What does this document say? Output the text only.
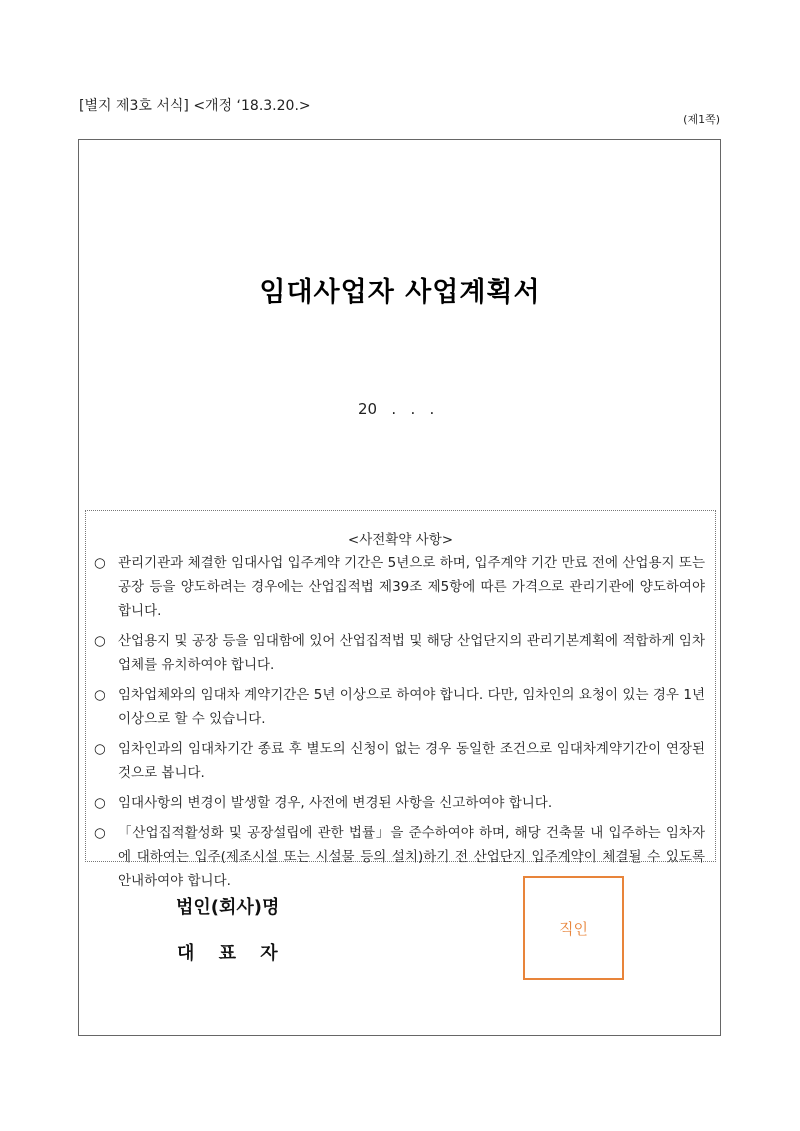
[별지 제3호 서식] <개정 ‘18.3.20.>
(제1쪽)
임대사업자 사업계획서
20   .   .   .
<사전확약 사항>
○ 관리기관과 체결한 임대사업 입주계약 기간은 5년으로 하며, 입주계약 기간 만료 전에 산업용지 또는 공장 등을 양도하려는 경우에는 산업집적법 제39조 제5항에 따른 가격으로 관리기관에 양도하여야 합니다.
○ 산업용지 및 공장 등을 임대함에 있어 산업집적법 및 해당 산업단지의 관리기본계획에 적합하게 임차업체를 유치하여야 합니다.
○ 임차업체와의 임대차 계약기간은 5년 이상으로 하여야 합니다. 다만, 임차인의 요청이 있는 경우 1년 이상으로 할 수 있습니다.
○ 임차인과의 임대차기간 종료 후 별도의 신청이 없는 경우 동일한 조건으로 임대차계약기간이 연장된 것으로 봅니다.
○ 임대사항의 변경이 발생할 경우, 사전에 변경된 사항을 신고하여야 합니다.
○ 「산업집적활성화 및 공장설립에 관한 법률」을 준수하여야 하며, 해당 건축물 내 입주하는 임차자에 대하여는 입주(제조시설 또는 시설물 등의 설치)하기 전 산업단지 입주계약이 체결될 수 있도록 안내하여야 합니다.
법인(회사)명
대 표 자
직인
